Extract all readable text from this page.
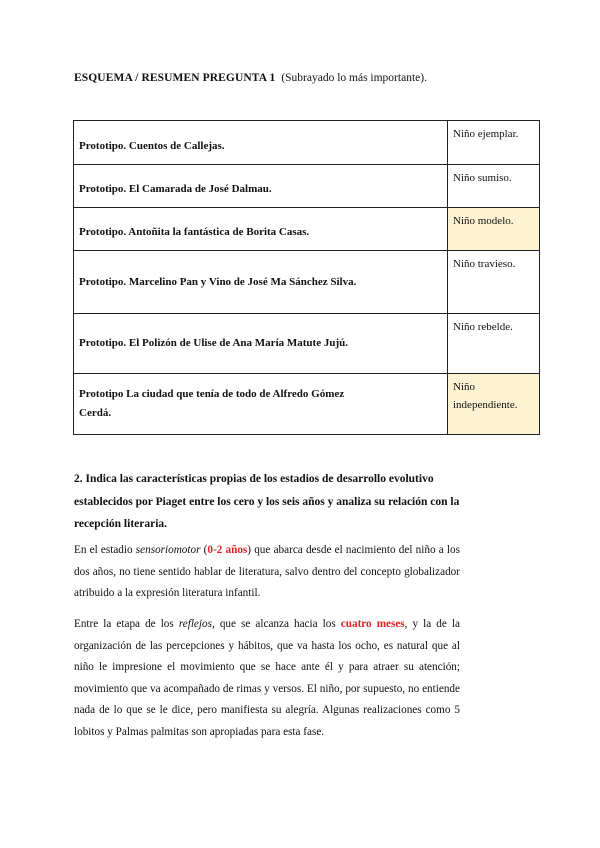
ESQUEMA / RESUMEN PREGUNTA 1 (Subrayado lo más importante).
Prototipo. Cuentos de Callejas.	Niño ejemplar.
Prototipo. El Camarada de José Dalmau.	Niño sumiso.
Prototipo. Antoñita la fantástica de Borita Casas.	Niño modelo.
Prototipo. Marcelino Pan y Vino de José Ma Sánchez Silva.	Niño travieso.
Prototipo. El Polizón de Ulise de Ana María Matute Jujú.	Niño rebelde.
Prototipo La ciudad que tenía de todo de Alfredo Gómez Cerdá.	Niño independiente.
2. Indica las características propias de los estadios de desarrollo evolutivo establecidos por Piaget entre los cero y los seis años y analiza su relación con la recepción literaria.
En el estadio sensoriomotor (0-2 años) que abarca desde el nacimiento del niño a los dos años, no tiene sentido hablar de literatura, salvo dentro del concepto globalizador atribuido a la expresión literatura infantil.
Entre la etapa de los reflejos, que se alcanza hacia los cuatro meses, y la de la organización de las percepciones y hábitos, que va hasta los ocho, es natural que al niño le impresione el movimiento que se hace ante él y para atraer su atención; movimiento que va acompañado de rimas y versos. El niño, por supuesto, no entiende nada de lo que se le dice, pero manifiesta su alegría. Algunas realizaciones como 5 lobitos y Palmas palmitas son apropiadas para esta fase.
